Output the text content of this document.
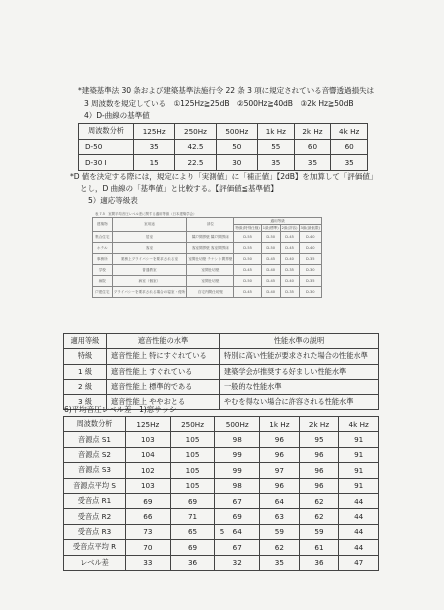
*建築基準法 30 条および建築基準法施行令 22 条 3 項に規定されている音響透過損失は
3 周波数を規定している　①125Hz≧25dB　②500Hz≧40dB　③2k Hz≧50dB
4）D-曲線の基準値
周波数分析	125Hz	250Hz	500Hz	1k Hz	2k Hz	4k Hz
D-50	35	42.5	50	55	60	60
D-30 I	15	22.5	30	35	35	35
*D 値を決定する際には，規定により「実測値」に「補正値」【2dB】を加算して「評価値」
とし，D 曲線の「基準値」と比較する。【評価値≦基準値】
5）適応等級表
表 7.5　室間平均音圧レベル差に関する適用等級（日本建築学会）
建築物	室用途	部位	適用等級			
			特級(特別仕様)	1級(標準)	2級(許容)	3級(最低限)
集合住宅	居室	隣戸間界壁 隣戸間界床	D-55	D-50	D-45	D-40
ホテル	客室	客室間界壁 客室間界床	D-55	D-50	D-45	D-40
事務所	業務上プライバシーを要求される室	室間仕切壁 テナント間界壁	D-50	D-45	D-40	D-35
学校	普通教室	室間仕切壁	D-45	D-40	D-35	D-30
病院	病室（個室）	室間仕切壁	D-50	D-45	D-40	D-35
戸建住宅	プライバシーを要求される場合の寝室・便所	自宅内間仕切壁	D-45	D-40	D-35	D-30
適用等級	遮音性能の水準	性能水準の説明
特級	遮音性能上 特にすぐれている	特別に高い性能が要求された場合の性能水準
1 級	遮音性能上 すぐれている	建築学会が推奨する好ましい性能水準
2 級	遮音性能上 標準的である	一般的な性能水準
3 級	遮音性能上 ややおとる	やむを得ない場合に許容される性能水準
6)平均音圧レベル差　1)窓サッシ
周波数分析	125Hz	250Hz	500Hz	1k Hz	2k Hz	4k Hz
音源点 S1	103	105	98	96	95	91
音源点 S2	104	105	99	96	96	91
音源点 S3	102	105	99	97	96	91
音源点平均 S	103	105	98	96	96	91
受音点 R1	69	69	67	64	62	44
受音点 R2	66	71	69	63	62	44
受音点 R3	73	65	64	59	59	44
受音点平均 R	70	69	67	62	61	44
レベル差	33	36	32	35	36	47
5
